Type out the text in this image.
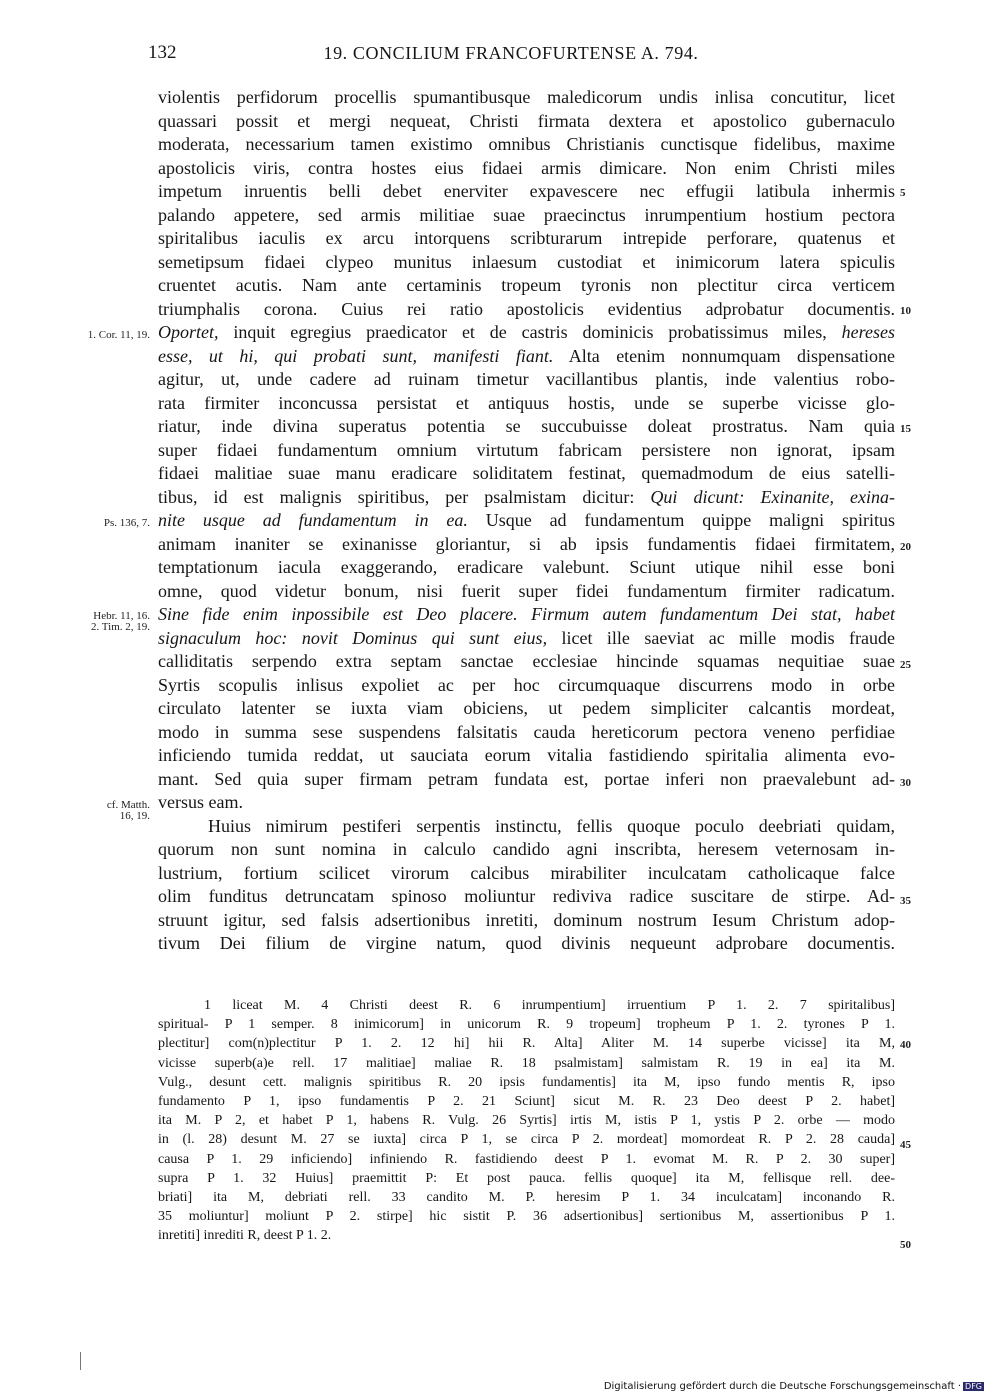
132	19. CONCILIUM FRANCOFURTENSE A. 794.
violentis perfidorum procellis spumantibusque maledicorum undis inlisa concutitur, licet
quassari possit et mergi nequeat, Christi firmata dextera et apostolico gubernaculo
moderata, necessarium tamen existimo omnibus Christianis cunctisque fidelibus, maxime
apostolicis viris, contra hostes eius fidaei armis dimicare. Non enim Christi miles
impetum inruentis belli debet enerviter expavescere nec effugii latibula inhermis
palando appetere, sed armis militiae suae praecinctus inrumpentium hostium pectora
spiritalibus iaculis ex arcu intorquens scribturarum intrepide perforare, quatenus et
semetipsum fidaei clypeo munitus inlaesum custodiat et inimicorum latera spiculis
cruentet acutis. Nam ante certaminis tropeum tyronis non plectitur circa verticem
triumphalis corona. Cuius rei ratio apostolicis evidentius adprobatur documentis.
Oportet, inquit egregius praedicator et de castris dominicis probatissimus miles, hereses
esse, ut hi, qui probati sunt, manifesti fiant. Alta etenim nonnumquam dispensatione
agitur, ut, unde cadere ad ruinam timetur vacillantibus plantis, inde valentius robo-
rata firmiter inconcussa persistat et antiquus hostis, unde se superbe vicisse glo-
riatur, inde divina superatus potentia se succubuisse doleat prostratus. Nam quia
super fidaei fundamentum omnium virtutum fabricam persistere non ignorat, ipsam
fidaei malitiae suae manu eradicare soliditatem festinat, quemadmodum de eius satelli-
tibus, id est malignis spiritibus, per psalmistam dicitur: Qui dicunt: Exinanite, exina-
nite usque ad fundamentum in ea. Usque ad fundamentum quippe maligni spiritus
animam inaniter se exinanisse gloriantur, si ab ipsis fundamentis fidaei firmitatem,
temptationum iacula exaggerando, eradicare valebunt. Sciunt utique nihil esse boni
omne, quod videtur bonum, nisi fuerit super fidei fundamentum firmiter radicatum.
Sine fide enim inpossibile est Deo placere. Firmum autem fundamentum Dei stat, habet
signaculum hoc: novit Dominus qui sunt eius, licet ille saeviat ac mille modis fraude
calliditatis serpendo extra septam sanctae ecclesiae hincinde squamas nequitiae suae
Syrtis scopulis inlisus expoliet ac per hoc circumquaque discurrens modo in orbe
circulato latenter se iuxta viam obiciens, ut pedem simpliciter calcantis mordeat,
modo in summa sese suspendens falsitatis cauda hereticorum pectora veneno perfidiae
inficiendo tumida reddat, ut sauciata eorum vitalia fastidiendo spiritalia alimenta evo-
mant. Sed quia super firmam petram fundata est, portae inferi non praevalebunt ad-
versus eam.
Huius nimirum pestiferi serpentis instinctu, fellis quoque poculo deebriati quidam,
quorum non sunt nomina in calculo candido agni inscribta, heresem veternosam in-
lustrium, fortium scilicet virorum calcibus mirabiliter inculcatam catholicaque falce
olim funditus detruncatam spinoso moliuntur rediviva radice suscitare de stirpe. Ad-
struunt igitur, sed falsis adsertionibus inretiti, dominum nostrum Iesum Christum adop-
tivum Dei filium de virgine natum, quod divinis nequeunt adprobare documentis.
1. Cor. 11, 19.
Ps. 136, 7.
Hebr. 11, 16.
2. Tim. 2, 19.
cf. Matth.
16, 19.
5
10
15
20
25
30
35
1 liceat M. 4 Christi deest R. 6 inrumpentium] irruentium P 1. 2. 7 spiritalibus]
spiritual- P 1 semper. 8 inimicorum] in unicorum R. 9 tropeum] tropheum P 1. 2. tyrones P 1.
plectitur] com(n)plectitur P 1. 2. 12 hi] hii R. Alta] Aliter M. 14 superbe vicisse] ita M,
vicisse superb(a)e rell. 17 malitiae] maliae R. 18 psalmistam] salmistam R. 19 in ea] ita M.
Vulg., desunt cett. malignis spiritibus R. 20 ipsis fundamentis] ita M, ipso fundo mentis R, ipso
fundamento P 1, ipso fundamentis P 2. 21 Sciunt] sicut M. R. 23 Deo deest P 2. habet]
ita M. P 2, et habet P 1, habens R. Vulg. 26 Syrtis] irtis M, istis P 1, ystis P 2. orbe — modo
in (l. 28) desunt M. 27 se iuxta] circa P 1, se circa P 2. mordeat] momordeat R. P 2. 28 cauda]
causa P 1. 29 inficiendo] infiniendo R. fastidiendo deest P 1. evomat M. R. P 2. 30 super]
supra P 1. 32 Huius] praemittit P: Et post pauca. fellis quoque] ita M, fellisque rell. dee-
briati] ita M, debriati rell. 33 candito M. P. heresim P 1. 34 inculcatam] inconando R.
35 moliuntur] moliunt P 2. stirpe] hic sistit P. 36 adsertionibus] sertionibus M, assertionibus P 1.
inretiti] inrediti R, deest P 1. 2.
40
45
50
Digitalisierung gefördert durch die Deutsche Forschungsgemeinschaft · DFG
